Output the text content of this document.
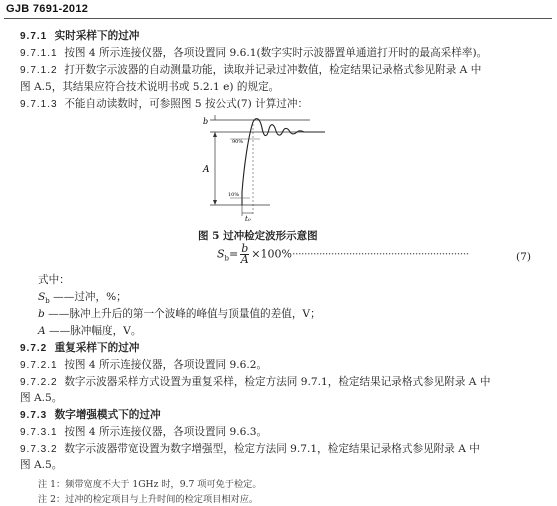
GJB 7691-2012
9.7.1 实时采样下的过冲
9.7.1.1 按图 4 所示连接仪器，各项设置同 9.6.1(数字实时示波器置单通道打开时的最高采样率)。
9.7.1.2 打开数字示波器的自动测量功能，读取并记录过冲数值，检定结果记录格式参见附录 A 中
图 A.5，其结果应符合技术说明书或 5.2.1 e) 的规定。
9.7.1.3 不能自动读数时，可参照图 5 按公式(7) 计算过冲：
b
A
90%
10%
t₀
图 5 过冲检定波形示意图
$S_b= \frac{b}{A} \times 100\%\cdot\cdot\cdot\cdot\cdot\cdot\cdot\cdot\cdot\cdot\cdot\cdot\cdot\cdot\cdot\cdot\cdot\cdot\cdot\cdot\cdot\cdot\cdot\cdot\cdot\cdot\cdot\cdot\cdot\cdot\cdot\cdot\cdot\cdot\cdot\cdot\cdot\cdot\cdot\cdot\cdot\cdot\cdot\cdot\cdot\cdot\cdot\cdot\cdot\cdot\cdot\cdot\cdot\cdot\cdot\cdot\cdot\cdot\cdot$	(7)
式中：
$S_b$ ——过冲，%；
b ——脉冲上升后的第一个波峰的峰值与顶量值的差值，V；
A ——脉冲幅度，V。
9.7.2 重复采样下的过冲
9.7.2.1 按图 4 所示连接仪器，各项设置同 9.6.2。
9.7.2.2 数字示波器采样方式设置为重复采样，检定方法同 9.7.1，检定结果记录格式参见附录 A 中
图 A.5。
9.7.3 数字增强模式下的过冲
9.7.3.1 按图 4 所示连接仪器，各项设置同 9.6.3。
9.7.3.2 数字示波器带宽设置为数字增强型，检定方法同 9.7.1，检定结果记录格式参见附录 A 中
图 A.5。
注 1：频带宽度不大于 1GHz 时，9.7 项可免于检定。
注 2：过冲的检定项目与上升时间的检定项目相对应。
